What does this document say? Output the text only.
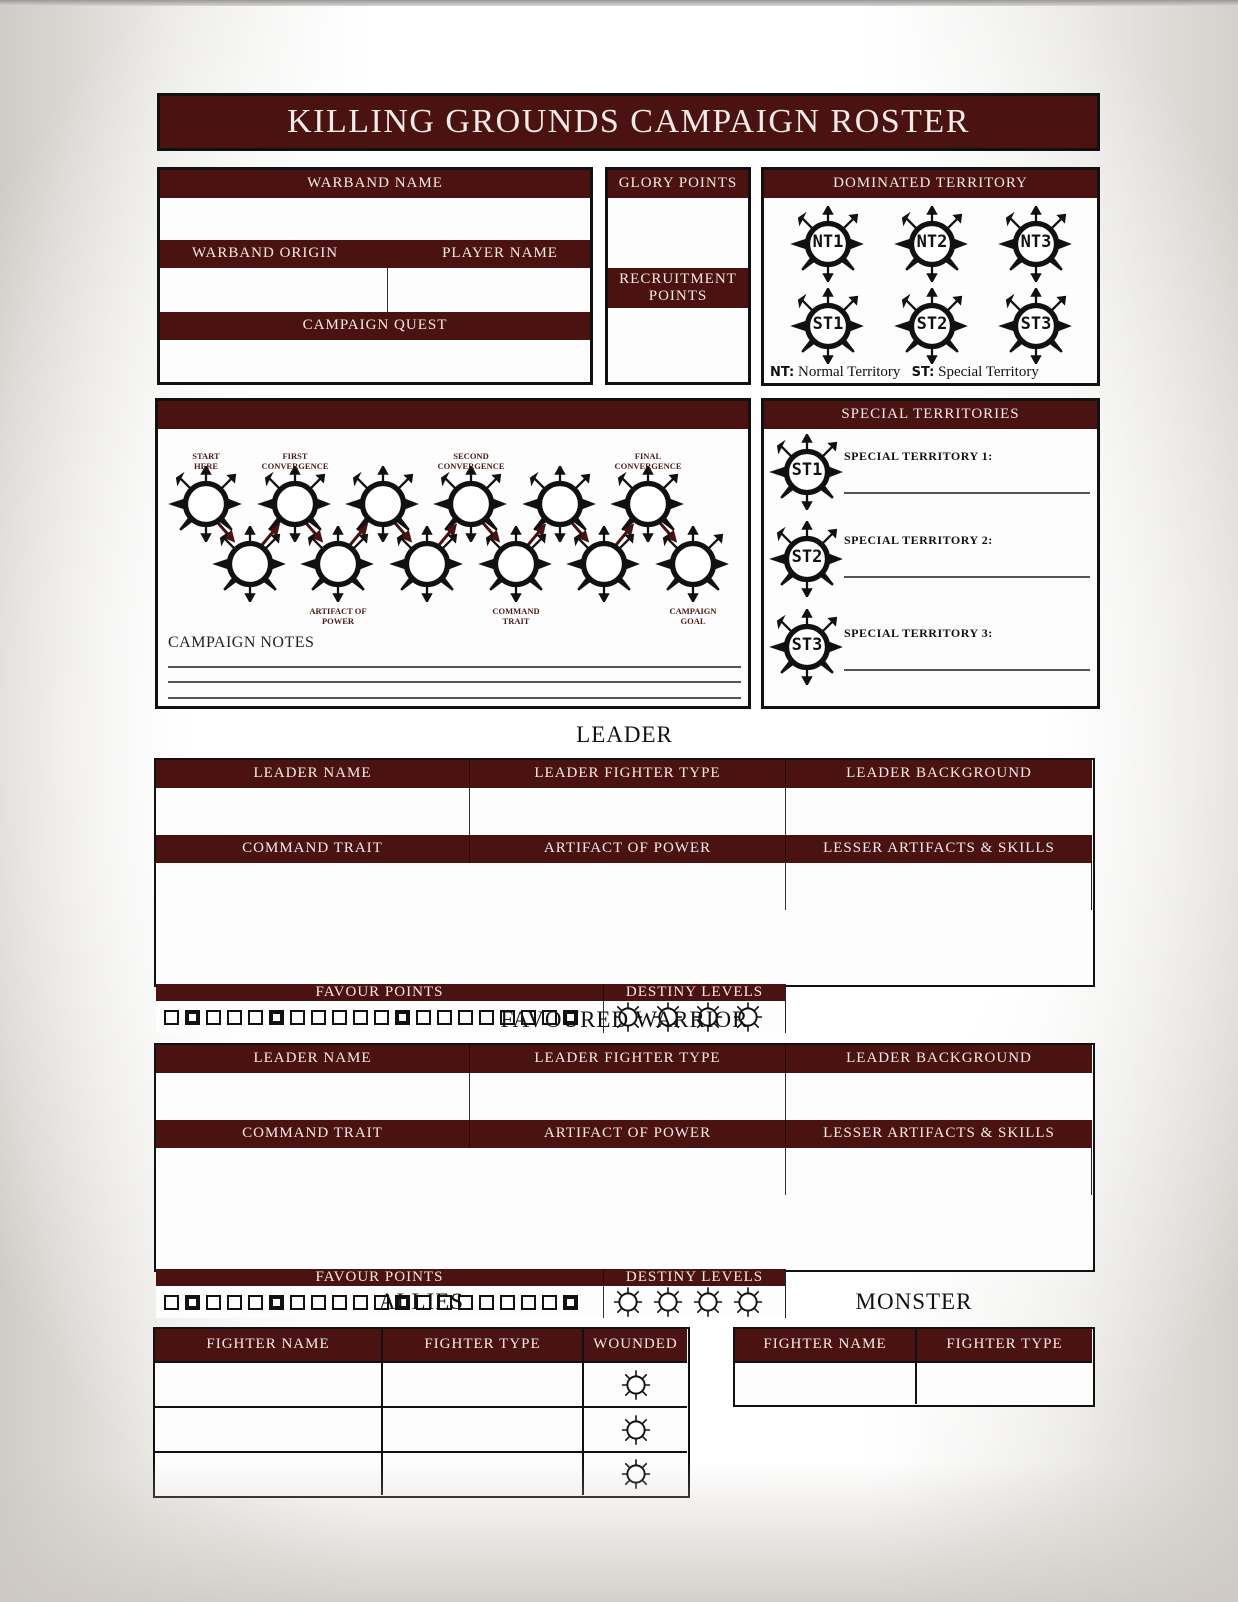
KILLING GROUNDS CAMPAIGN ROSTER
WARBAND NAME
WARBAND ORIGIN	PLAYER NAME
CAMPAIGN QUEST
GLORY POINTS
RECRUITMENT
POINTS
DOMINATED TERRITORY
NT1	NT2	NT3
ST1	ST2	ST3
NT: Normal Territory ST: Special Territory
START
HERE
FIRST
CONVERGENCE
SECOND
CONVERGENCE
FINAL
CONVERGENCE
ARTIFACT OF
POWER
COMMAND
TRAIT
CAMPAIGN
GOAL
CAMPAIGN NOTES
SPECIAL TERRITORIES
ST1
SPECIAL TERRITORY 1:
ST2
SPECIAL TERRITORY 2:
ST3
SPECIAL TERRITORY 3:
LEADER
LEADER NAME	LEADER FIGHTER TYPE	LEADER BACKGROUND
COMMAND TRAIT	ARTIFACT OF POWER	LESSER ARTIFACTS & SKILLS
FAVOUR POINTS	DESTINY LEVELS
FAVOURED WARRIOR
LEADER NAME	LEADER FIGHTER TYPE	LEADER BACKGROUND
COMMAND TRAIT	ARTIFACT OF POWER	LESSER ARTIFACTS & SKILLS
FAVOUR POINTS	DESTINY LEVELS
ALLIES
FIGHTER NAME	FIGHTER TYPE	WOUNDED
MONSTER
FIGHTER NAME	FIGHTER TYPE
